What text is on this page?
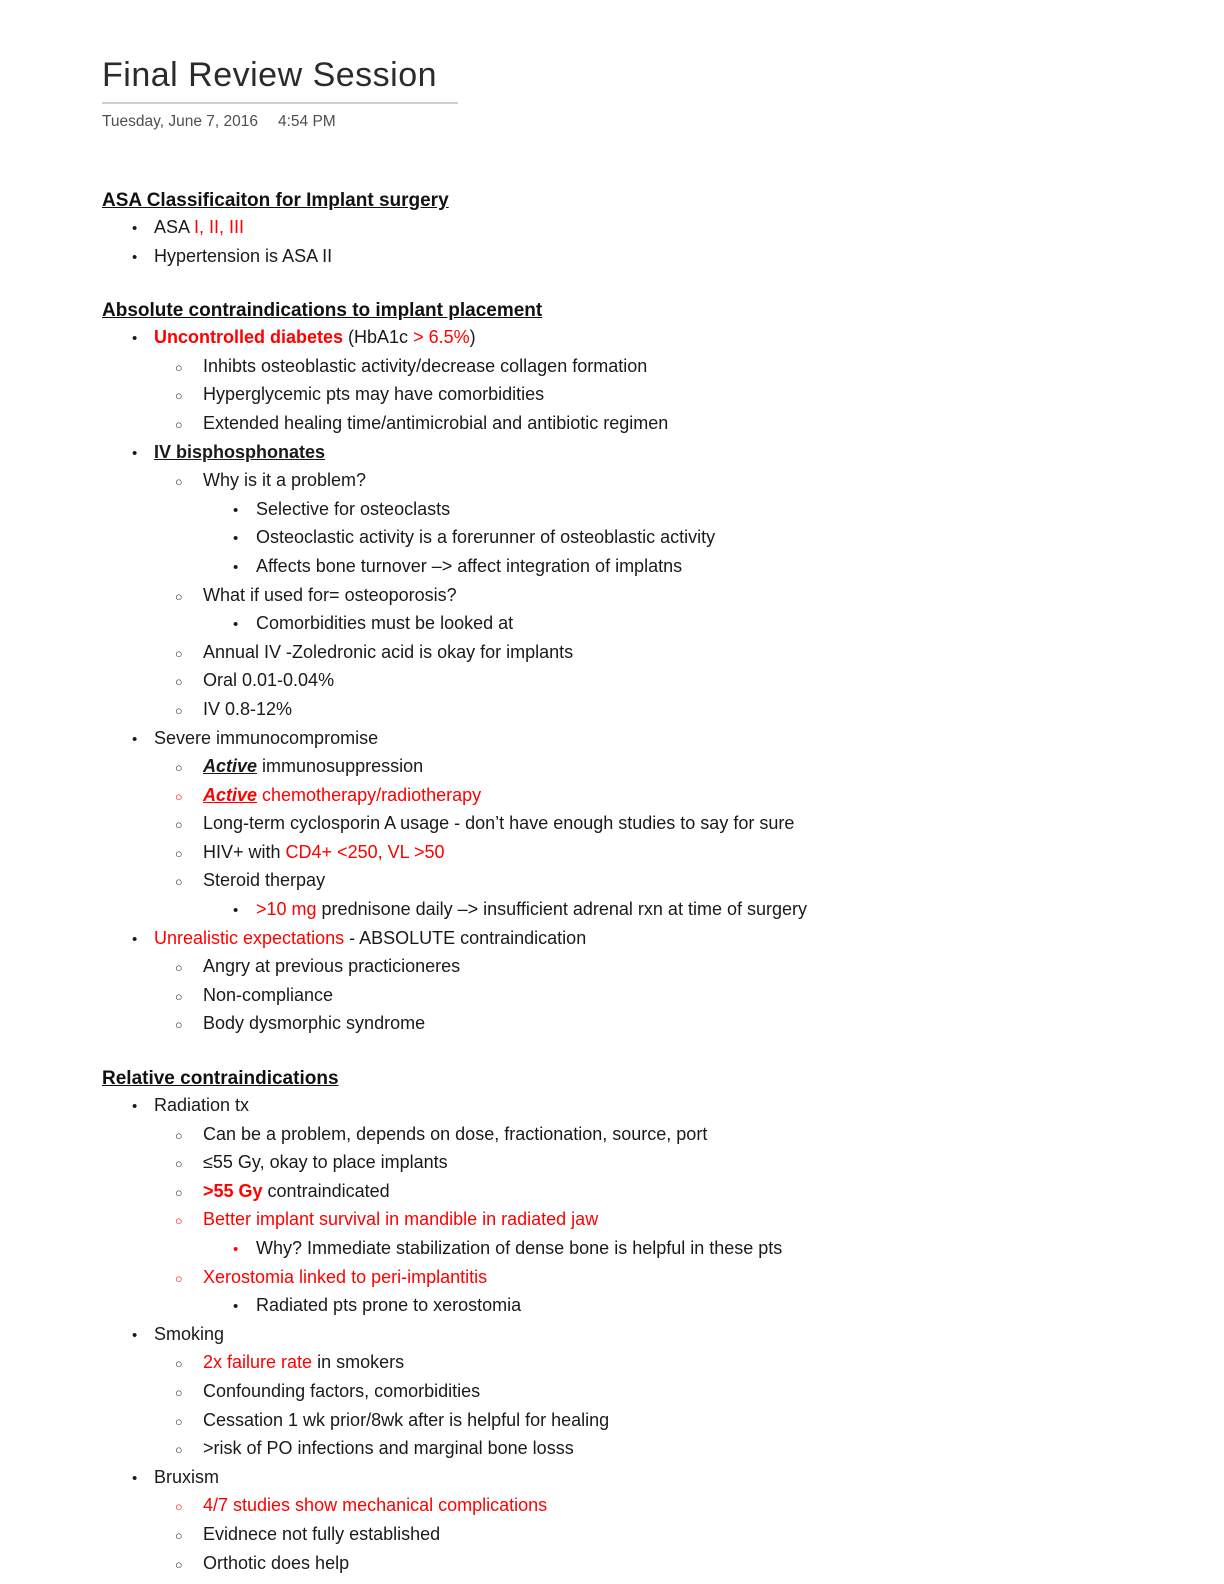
Final Review Session
Tuesday, June 7, 2016 4:54 PM
ASA Classificaiton for Implant surgery
• ASA I, II, III
• Hypertension is ASA II
Absolute contraindications to implant placement
• Uncontrolled diabetes (HbA1c > 6.5%)
○	Inhibts osteoblastic activity/decrease collagen formation
○	Hyperglycemic pts may have comorbidities
○	Extended healing time/antimicrobial and antibiotic regimen
• IV bisphosphonates
○	Why is it a problem?
• Selective for osteoclasts
• Osteoclastic activity is a forerunner of osteoblastic activity
• Affects bone turnover –> affect integration of implatns
○	What if used for= osteoporosis?
• Comorbidities must be looked at
○	Annual IV -Zoledronic acid is okay for implants
○	Oral 0.01-0.04%
○	IV 0.8-12%
• Severe immunocompromise
○	Active immunosuppression
○	Active chemotherapy/radiotherapy
○	Long-term cyclosporin A usage - don’t have enough studies to say for sure
○	HIV+ with CD4+ <250, VL >50
○	Steroid therpay
• >10 mg prednisone daily –> insufficient adrenal rxn at time of surgery
• Unrealistic expectations - ABSOLUTE contraindication
○	Angry at previous practicioneres
○	Non-compliance
○	Body dysmorphic syndrome
Relative contraindications
• Radiation tx
○	Can be a problem, depends on dose, fractionation, source, port
○	≤55 Gy, okay to place implants
○	>55 Gy contraindicated
○	Better implant survival in mandible in radiated jaw
• Why? Immediate stabilization of dense bone is helpful in these pts
○	Xerostomia linked to peri-implantitis
• Radiated pts prone to xerostomia
• Smoking
○	2x failure rate in smokers
○	Confounding factors, comorbidities
○	Cessation 1 wk prior/8wk after is helpful for healing
○	>risk of PO infections and marginal bone losss
• Bruxism
○	4/7 studies show mechanical complications
○	Evidnece not fully established
○	Orthotic does help
